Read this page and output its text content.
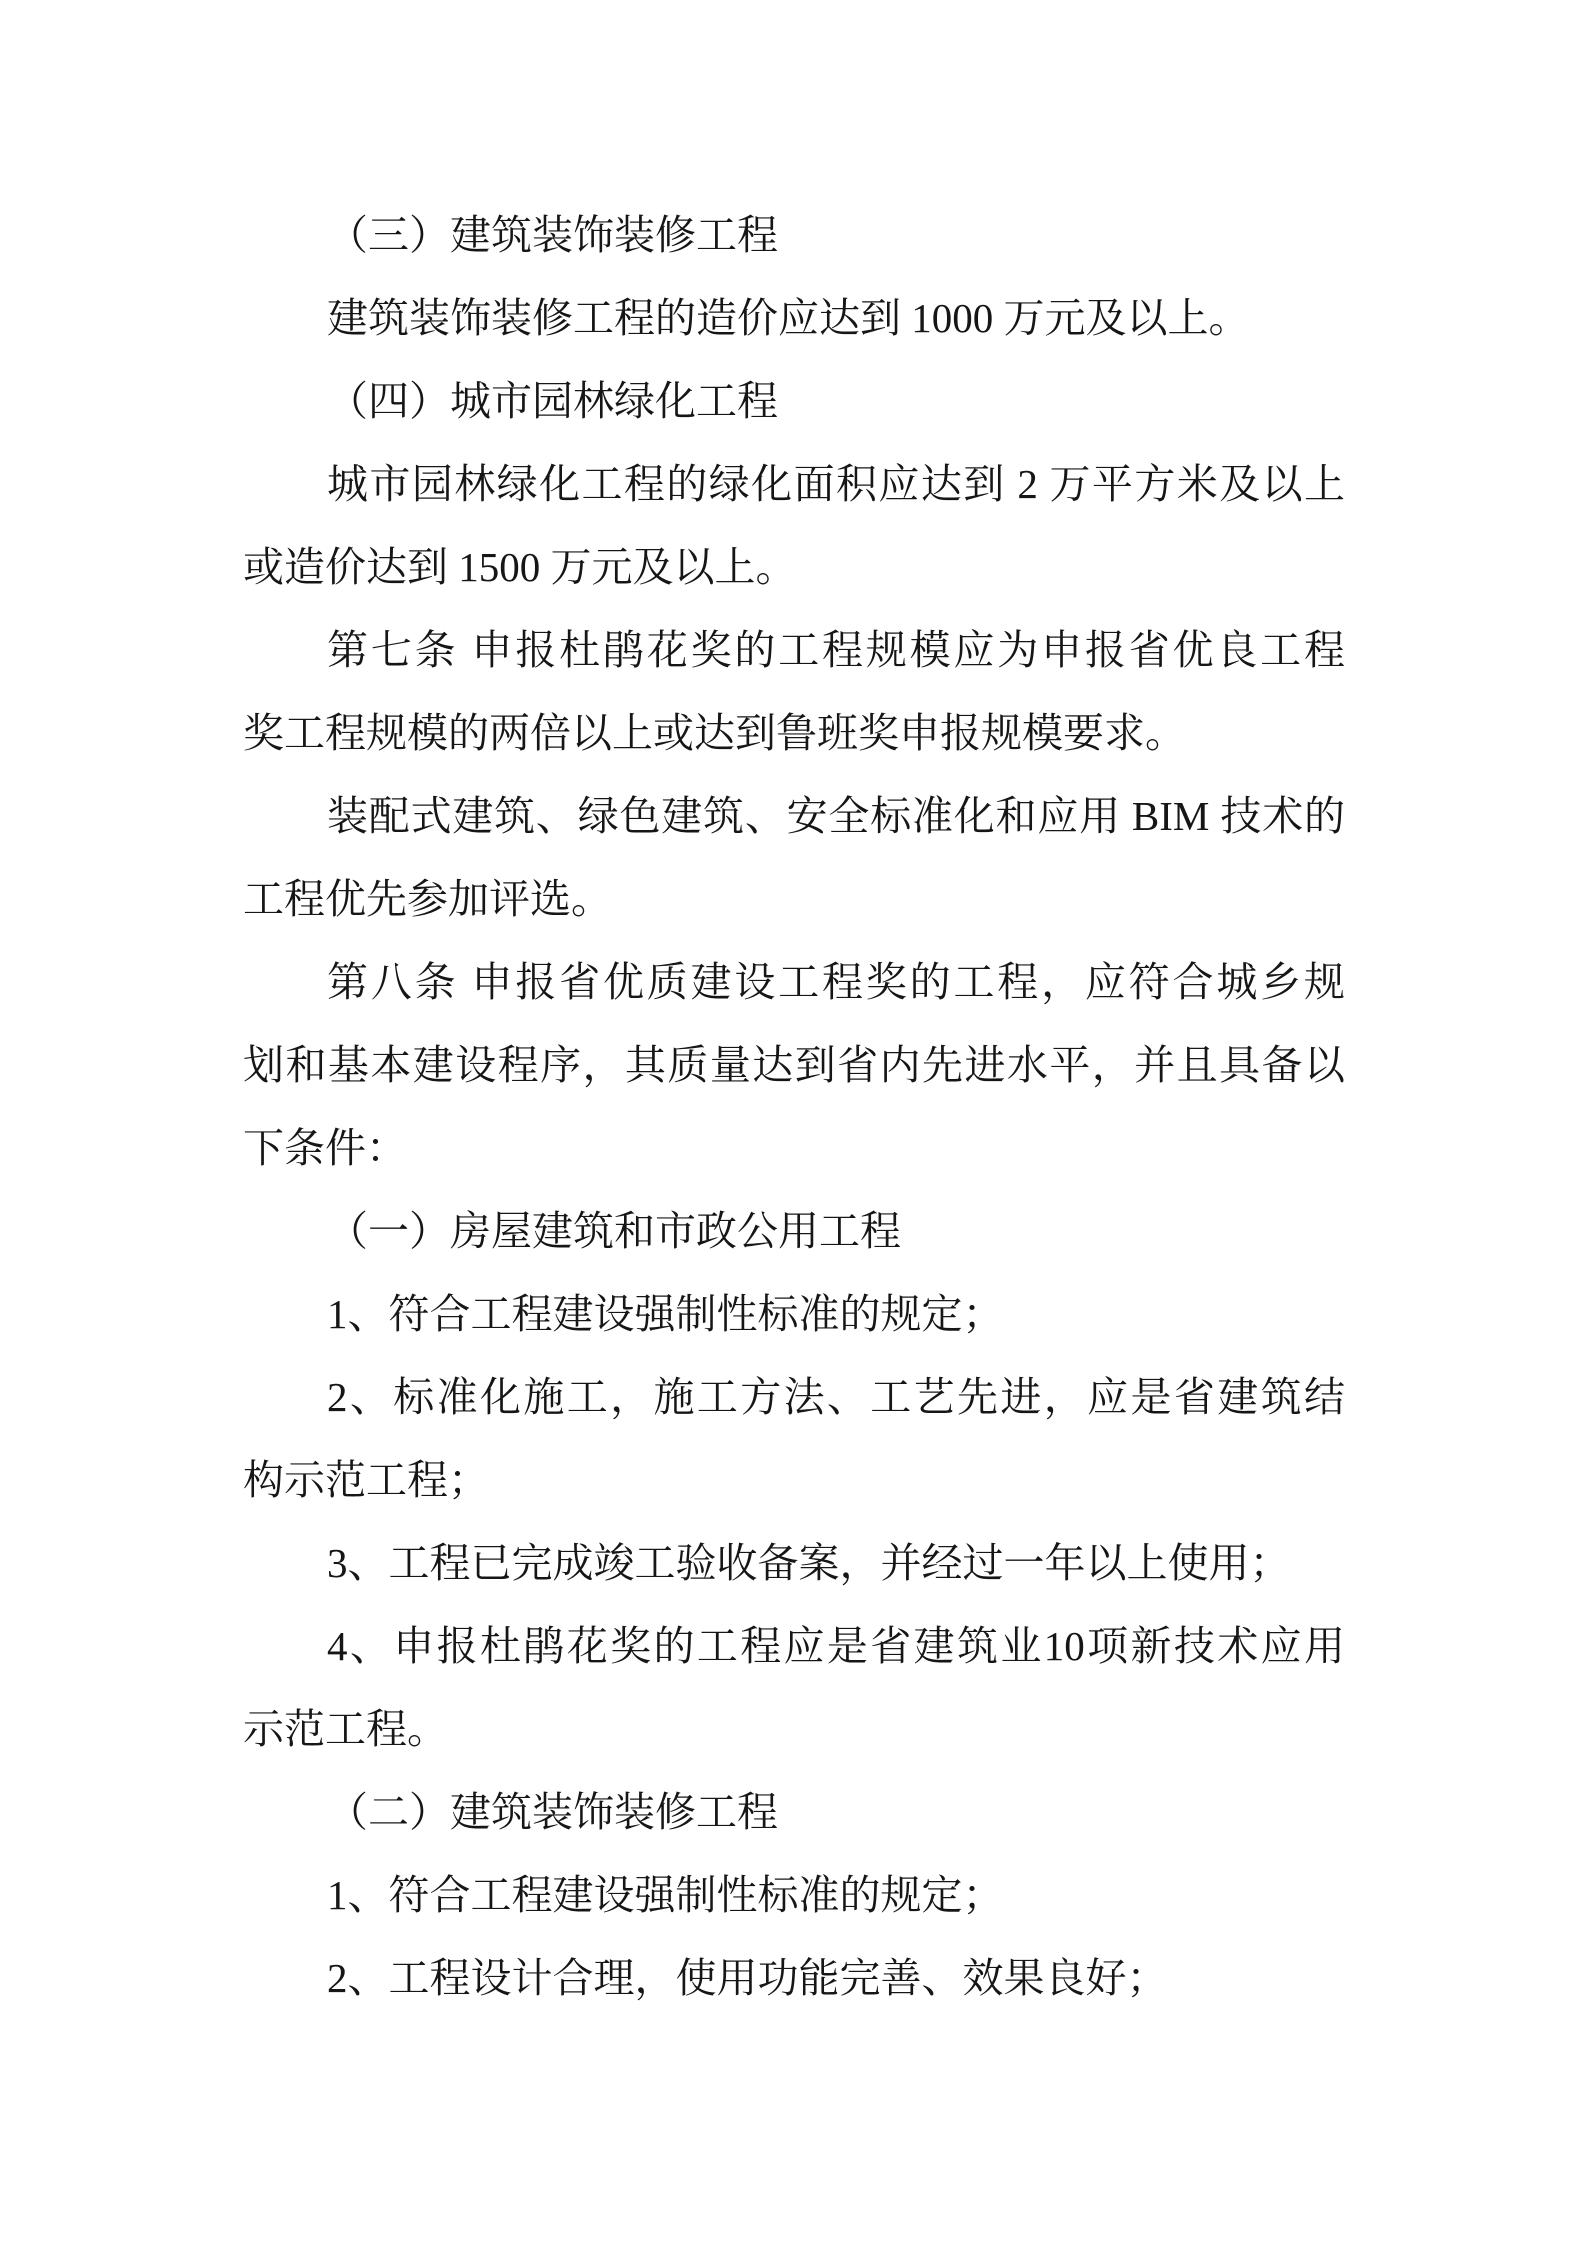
（三）建筑装饰装修工程
建筑装饰装修工程的造价应达到 1000 万元及以上。
（四）城市园林绿化工程
城市园林绿化工程的绿化面积应达到 2 万平方米及以上
或造价达到 1500 万元及以上。
第七条 申报杜鹃花奖的工程规模应为申报省优良工程
奖工程规模的两倍以上或达到鲁班奖申报规模要求。
装配式建筑、绿色建筑、安全标准化和应用 BIM 技术的
工程优先参加评选。
第八条 申报省优质建设工程奖的工程，应符合城乡规
划和基本建设程序，其质量达到省内先进水平，并且具备以
下条件：
（一）房屋建筑和市政公用工程
1、符合工程建设强制性标准的规定；
2、标准化施工，施工方法、工艺先进，应是省建筑结
构示范工程；
3、工程已完成竣工验收备案，并经过一年以上使用；
4、申报杜鹃花奖的工程应是省建筑业10项新技术应用
示范工程。
（二）建筑装饰装修工程
1、符合工程建设强制性标准的规定；
2、工程设计合理，使用功能完善、效果良好；
